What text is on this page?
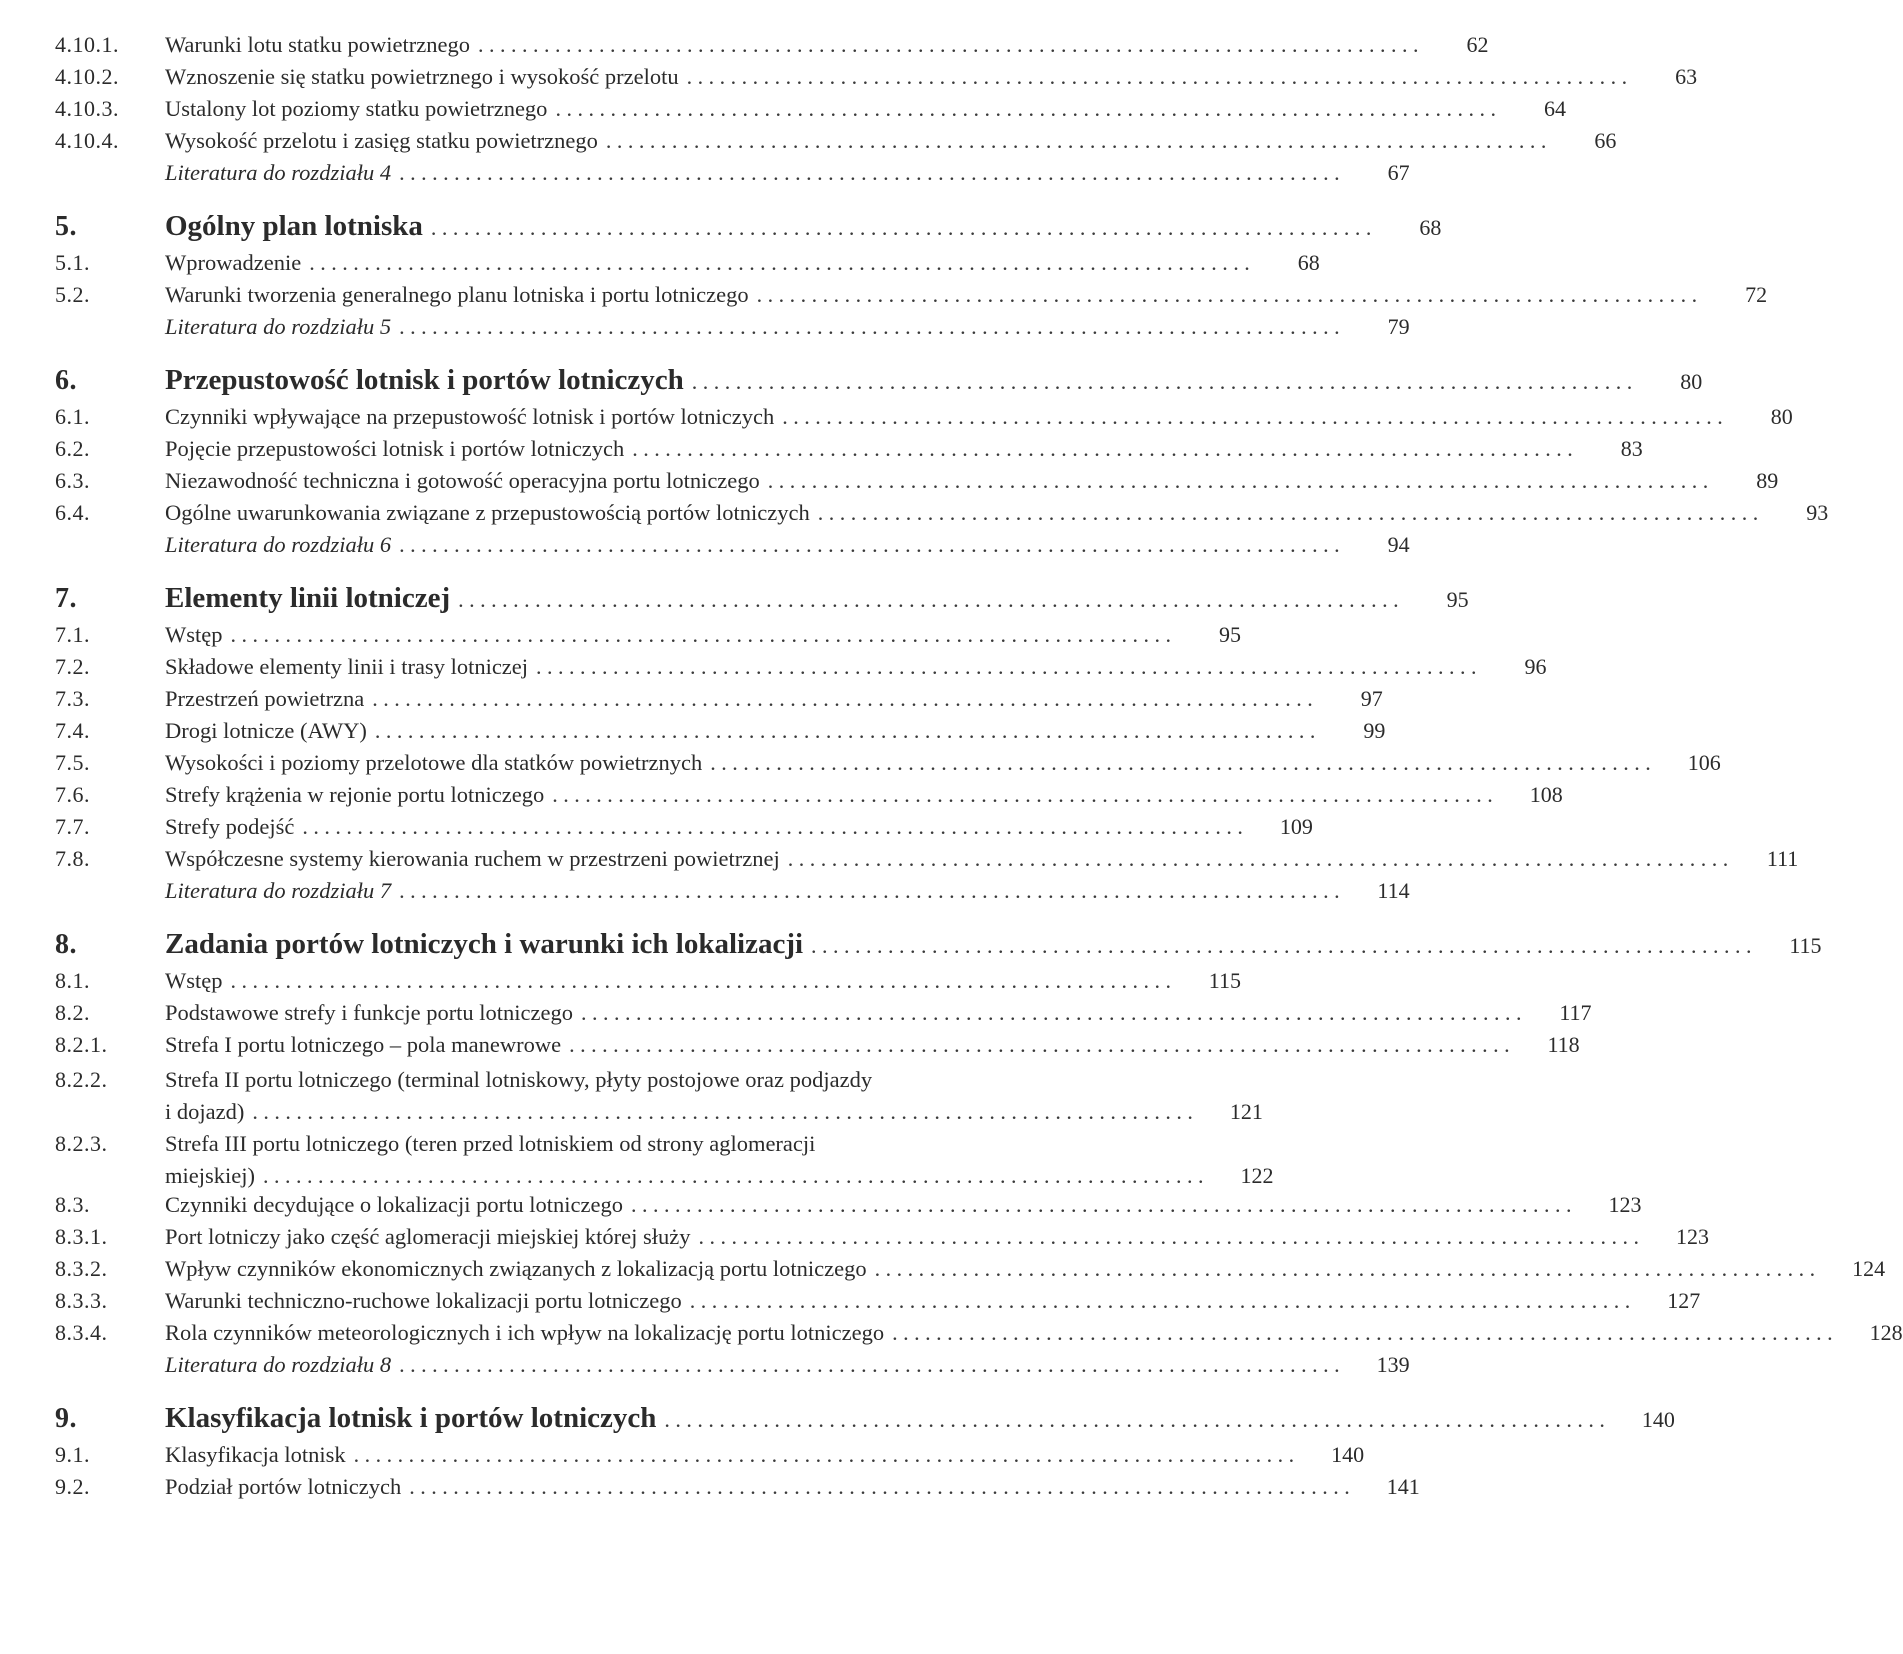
4.10.1.	Warunki lotu statku powietrznego . . .	62
4.10.2.	Wznoszenie się statku powietrznego i wysokość przelotu . . .	63
4.10.3.	Ustalony lot poziomy statku powietrznego . . .	64
4.10.4.	Wysokość przelotu i zasięg statku powietrznego . . .	66
Literatura do rozdziału 4 . . .	67
5.	Ogólny plan lotniska . . .	68
5.1.	Wprowadzenie . . .	68
5.2.	Warunki tworzenia generalnego planu lotniska i portu lotniczego . . .	72
Literatura do rozdziału 5 . . .	79
6.	Przepustowość lotnisk i portów lotniczych . . .	80
6.1.	Czynniki wpływające na przepustowość lotnisk i portów lotniczych . . .	80
6.2.	Pojęcie przepustowości lotnisk i portów lotniczych . . .	83
6.3.	Niezawodność techniczna i gotowość operacyjna portu lotniczego . . .	89
6.4.	Ogólne uwarunkowania związane z przepustowością portów lotniczych . . .	93
Literatura do rozdziału 6 . . .	94
7.	Elementy linii lotniczej . . .	95
7.1.	Wstęp . . .	95
7.2.	Składowe elementy linii i trasy lotniczej . . .	96
7.3.	Przestrzeń powietrzna . . .	97
7.4.	Drogi lotnicze (AWY) . . .	99
7.5.	Wysokości i poziomy przelotowe dla statków powietrznych . . .	106
7.6.	Strefy krążenia w rejonie portu lotniczego . . .	108
7.7.	Strefy podejść . . .	109
7.8.	Współczesne systemy kierowania ruchem w przestrzeni powietrznej . . .	111
Literatura do rozdziału 7 . . .	114
8.	Zadania portów lotniczych i warunki ich lokalizacji . . .	115
8.1.	Wstęp . . .	115
8.2.	Podstawowe strefy i funkcje portu lotniczego . . .	117
8.2.1.	Strefa I portu lotniczego – pola manewrowe . . .	118
8.2.2.	Strefa II portu lotniczego (terminal lotniskowy, płyty postojowe oraz podjazdy
i dojazd) . . .	121
8.2.3.	Strefa III portu lotniczego (teren przed lotniskiem od strony aglomeracji
miejskiej) . . .	122
8.3.	Czynniki decydujące o lokalizacji portu lotniczego . . .	123
8.3.1.	Port lotniczy jako część aglomeracji miejskiej której służy . . .	123
8.3.2.	Wpływ czynników ekonomicznych związanych z lokalizacją portu lotniczego . . .	124
8.3.3.	Warunki techniczno-ruchowe lokalizacji portu lotniczego . . .	127
8.3.4.	Rola czynników meteorologicznych i ich wpływ na lokalizację portu lotniczego . . .	128
Literatura do rozdziału 8 . . .	139
9.	Klasyfikacja lotnisk i portów lotniczych . . .	140
9.1.	Klasyfikacja lotnisk . . .	140
9.2.	Podział portów lotniczych . . .	141
